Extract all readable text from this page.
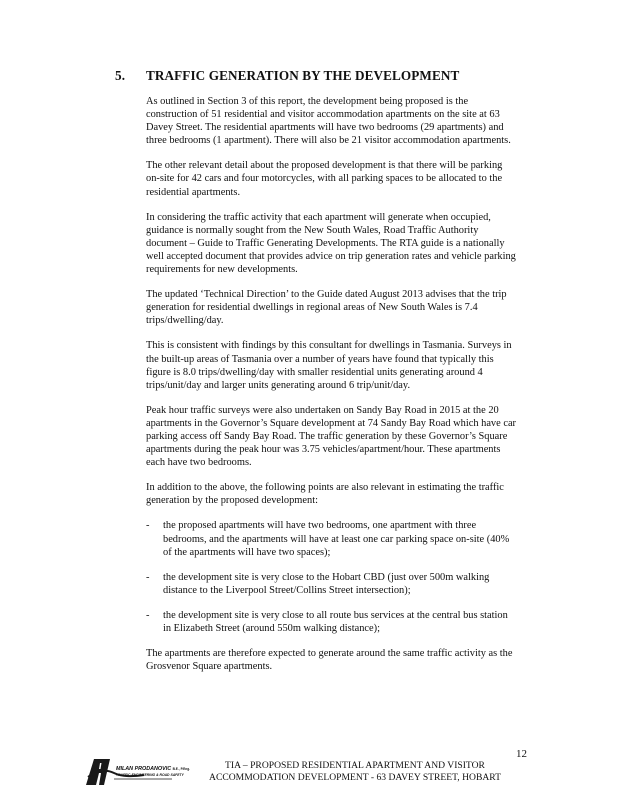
5. TRAFFIC GENERATION BY THE DEVELOPMENT

As outlined in Section 3 of this report, the development being proposed is the construction of 51 residential and visitor accommodation apartments on the site at 63 Davey Street. The residential apartments will have two bedrooms (29 apartments) and three bedrooms (1 apartment). There will also be 21 visitor accommodation apartments.

The other relevant detail about the proposed development is that there will be parking on-site for 42 cars and four motorcycles, with all parking spaces to be allocated to the residential apartments.

In considering the traffic activity that each apartment will generate when occupied, guidance is normally sought from the New South Wales, Road Traffic Authority document – Guide to Traffic Generating Developments. The RTA guide is a nationally well accepted document that provides advice on trip generation rates and vehicle parking requirements for new developments.

The updated ‘Technical Direction’ to the Guide dated August 2013 advises that the trip generation for residential dwellings in regional areas of New South Wales is 7.4 trips/dwelling/day.

This is consistent with findings by this consultant for dwellings in Tasmania. Surveys in the built-up areas of Tasmania over a number of years have found that typically this figure is 8.0 trips/dwelling/day with smaller residential units generating around 4 trips/unit/day and larger units generating around 6 trip/unit/day.

Peak hour traffic surveys were also undertaken on Sandy Bay Road in 2015 at the 20 apartments in the Governor’s Square development at 74 Sandy Bay Road which have car parking access off Sandy Bay Road. The traffic generation by these Governor’s Square apartments during the peak hour was 3.75 vehicles/apartment/hour. These apartments each have two bedrooms.

In addition to the above, the following points are also relevant in estimating the traffic generation by the proposed development:

- the proposed apartments will have two bedrooms, one apartment with three bedrooms, and the apartments will have at least one car parking space on-site (40% of the apartments will have two spaces);
- the development site is very close to the Hobart CBD (just over 500m walking distance to the Liverpool Street/Collins Street intersection);
- the development site is very close to all route bus services at the central bus station in Elizabeth Street (around 550m walking distance);

The apartments are therefore expected to generate around the same traffic activity as the Grosvenor Square apartments.

12
MILAN PRODANOVIC B.E., P.Eng.
TRAFFIC ENGINEERING & ROAD SAFETY
TIA – PROPOSED RESIDENTIAL APARTMENT AND VISITOR
ACCOMMODATION DEVELOPMENT - 63 DAVEY STREET, HOBART
